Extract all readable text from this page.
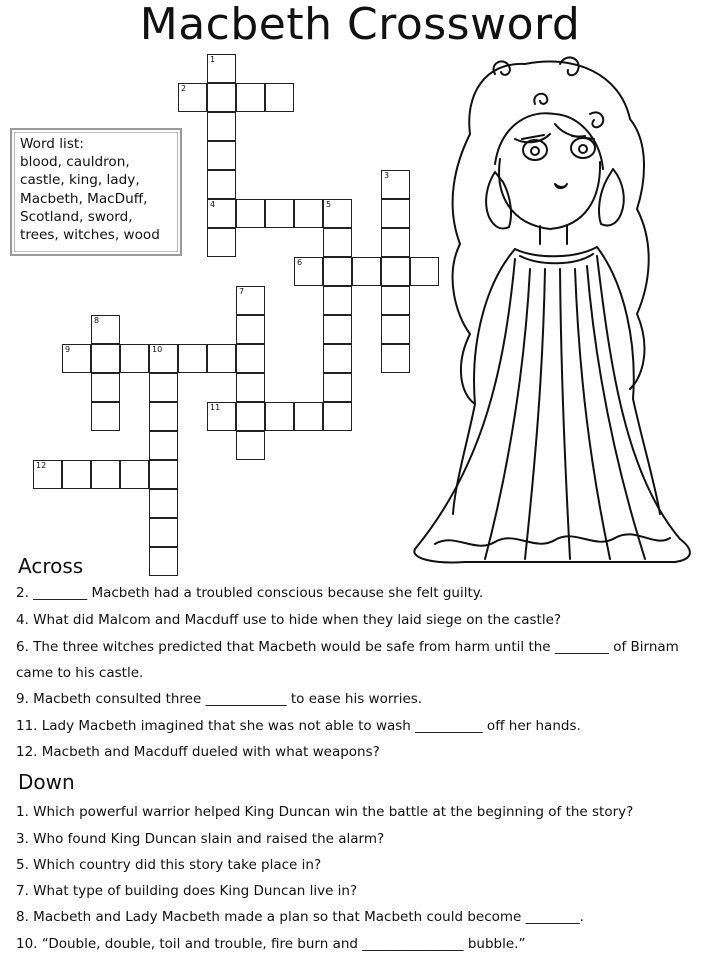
Macbeth Crossword
Word list:
blood, cauldron,
castle, king, lady,
Macbeth, MacDuff,
Scotland, sword,
trees, witches, wood
1
4
2
3
5
6
7
8
9	10
11
12
Across
2. ________ Macbeth had a troubled conscious because she felt guilty.
4. What did Malcom and Macduff use to hide when they laid siege on the castle?
6. The three witches predicted that Macbeth would be safe from harm until the ________ of Birnam
came to his castle.
9. Macbeth consulted three ____________ to ease his worries.
11. Lady Macbeth imagined that she was not able to wash __________ off her hands.
12. Macbeth and Macduff dueled with what weapons?
Down
1. Which powerful warrior helped King Duncan win the battle at the beginning of the story?
3. Who found King Duncan slain and raised the alarm?
5. Which country did this story take place in?
7. What type of building does King Duncan live in?
8. Macbeth and Lady Macbeth made a plan so that Macbeth could become ________.
10. “Double, double, toil and trouble, fire burn and _______________ bubble.”
